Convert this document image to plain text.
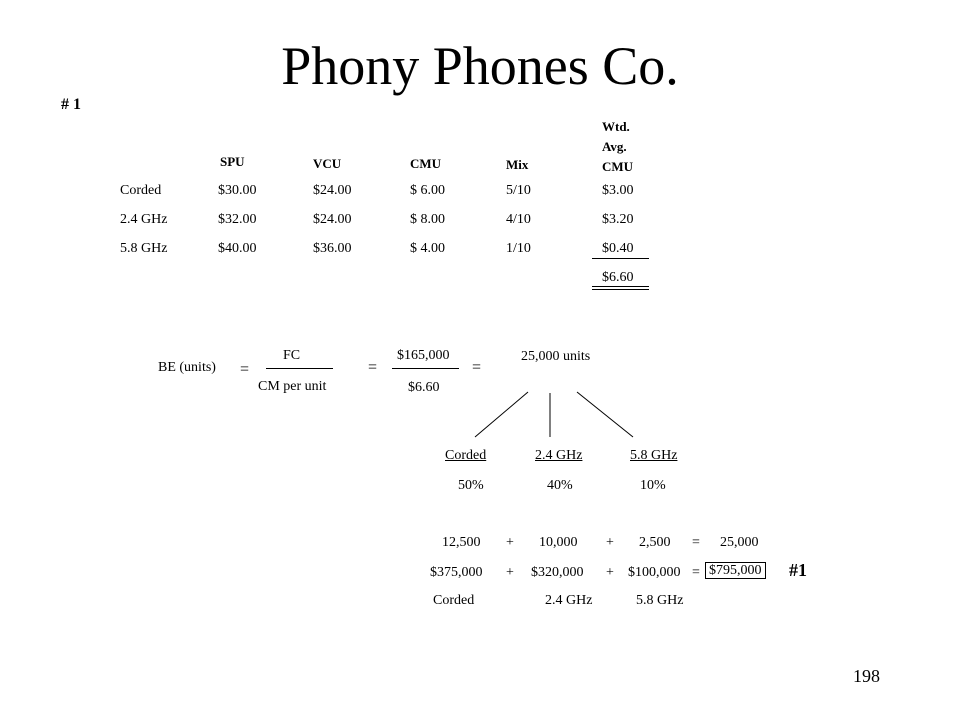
Phony Phones Co.
# 1
SPU	VCU	CMU	Mix
Wtd.
Avg.
CMU
Corded	$30.00	$24.00	$ 6.00	5/10	$3.00
2.4 GHz	$32.00	$24.00	$ 8.00	4/10	$3.20
5.8 GHz	$40.00	$36.00	$ 4.00	1/10	$0.40
$6.60
BE (units) =
FC
CM per unit
=
$165,000
$6.60
=
25,000 units
Corded	2.4 GHz	5.8 GHz
50%	40%	10%
12,500 + 10,000 + 2,500 = 25,000
$375,000 + $320,000 + $100,000 = $795,000 #1
Corded	2.4 GHz	5.8 GHz
198
